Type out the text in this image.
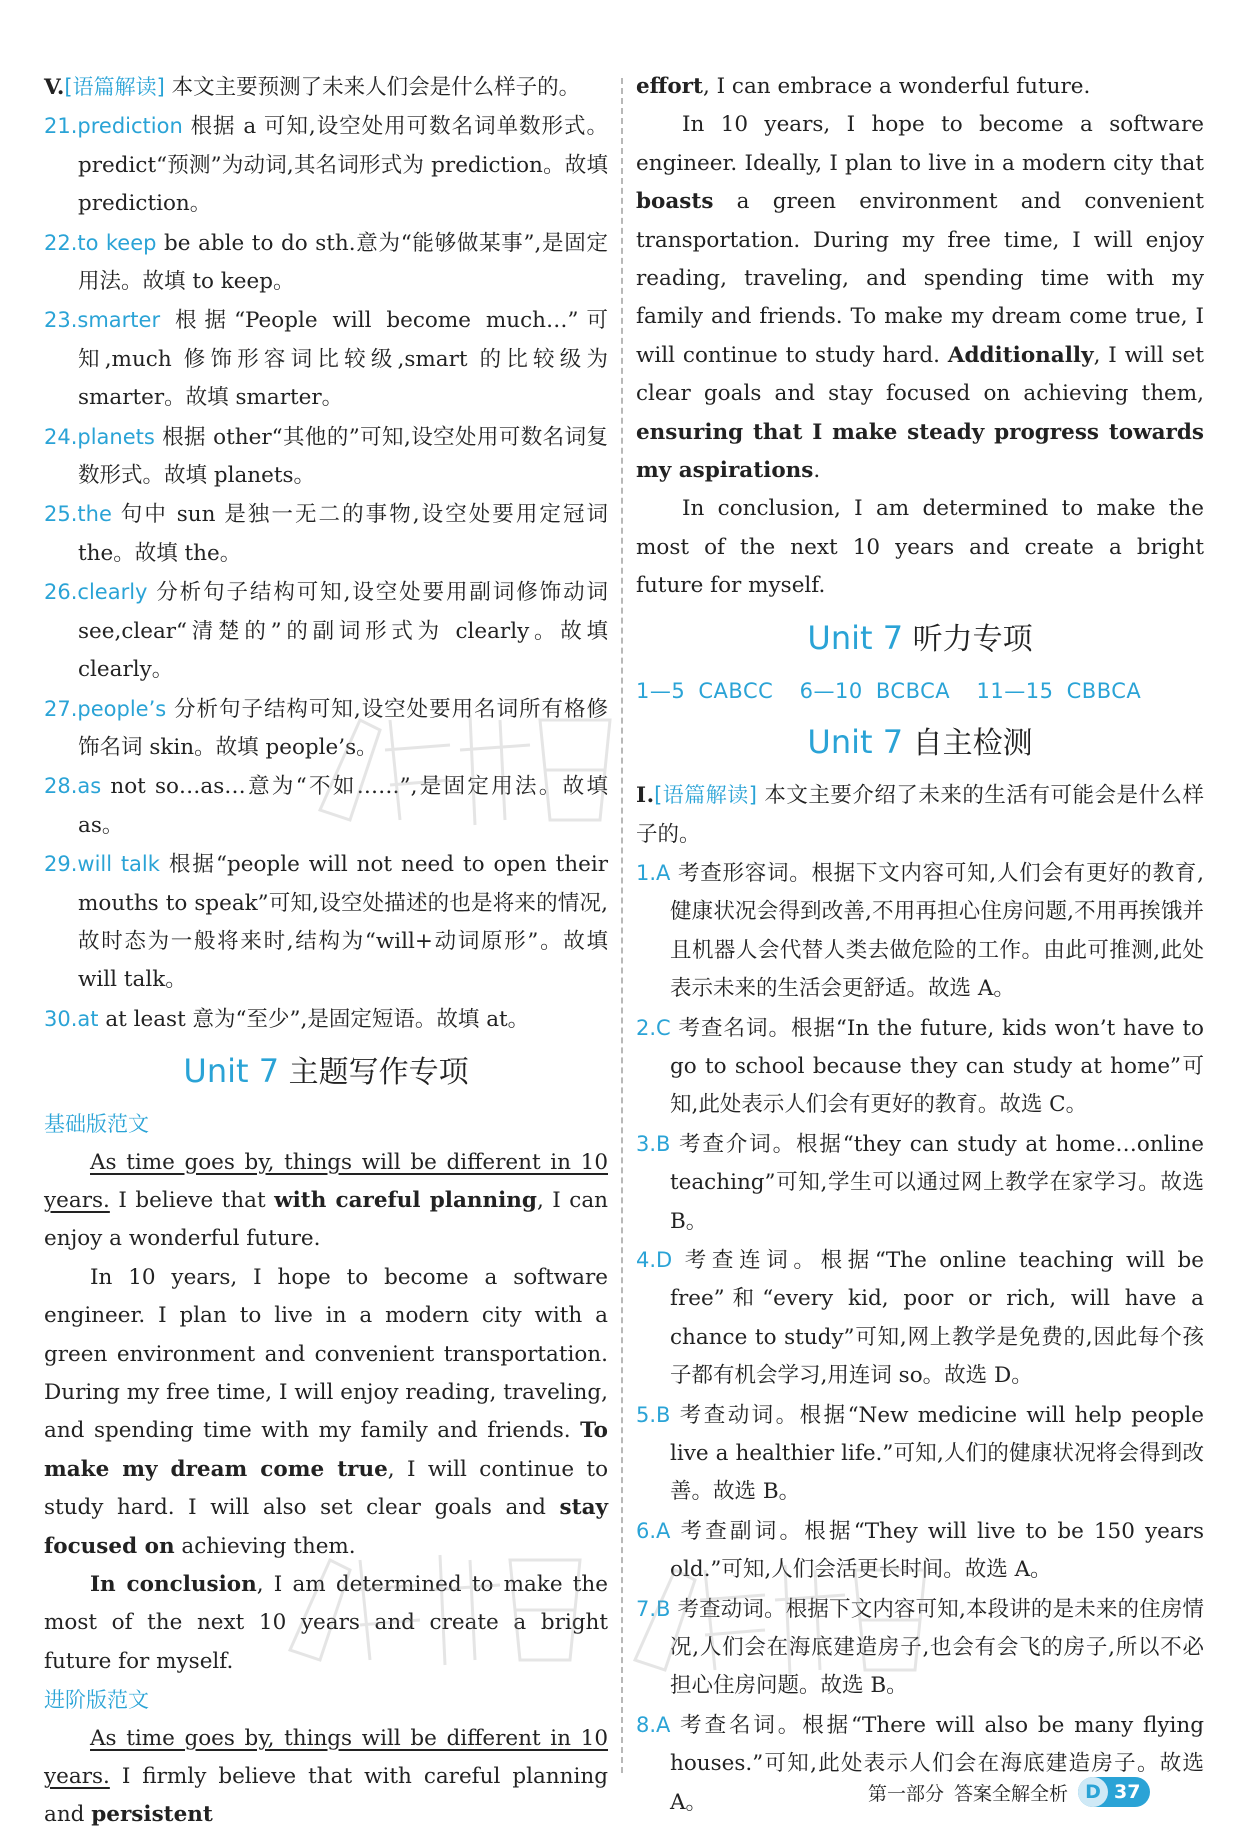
V.[语篇解读] 本文主要预测了未来人们会是什么样子的。

21.prediction 根据 a 可知,设空处用可数名词单数形式。predict“预测”为动词,其名词形式为 prediction。故填 prediction。

22.to keep be able to do sth.意为“能够做某事”,是固定用法。故填 to keep。

23.smarter 根据“People will become much…”可知,much 修饰形容词比较级,smart 的比较级为 smarter。故填 smarter。

24.planets 根据 other“其他的”可知,设空处用可数名词复数形式。故填 planets。

25.the 句中 sun 是独一无二的事物,设空处要用定冠词 the。故填 the。

26.clearly 分析句子结构可知,设空处要用副词修饰动词 see,clear“清楚的”的副词形式为 clearly。故填 clearly。

27.people’s 分析句子结构可知,设空处要用名词所有格修饰名词 skin。故填 people’s。

28.as not so…as…意为“不如……”,是固定用法。故填 as。

29.will talk 根据“people will not need to open their mouths to speak”可知,设空处描述的也是将来的情况,故时态为一般将来时,结构为“will+动词原形”。故填 will talk。

30.at at least 意为“至少”,是固定短语。故填 at。

Unit 7 主题写作专项

基础版范文

As time goes by, things will be different in 10 years. I believe that with careful planning, I can enjoy a wonderful future.

In 10 years, I hope to become a software engineer. I plan to live in a modern city with a green environment and convenient transportation. During my free time, I will enjoy reading, traveling, and spending time with my family and friends. To make my dream come true, I will continue to study hard. I will also set clear goals and stay focused on achieving them.

In conclusion, I am determined to make the most of the next 10 years and create a bright future for myself.

进阶版范文

As time goes by, things will be different in 10 years. I firmly believe that with careful planning and persistent

effort, I can embrace a wonderful future.

In 10 years, I hope to become a software engineer. Ideally, I plan to live in a modern city that boasts a green environment and convenient transportation. During my free time, I will enjoy reading, traveling, and spending time with my family and friends. To make my dream come true, I will continue to study hard. Additionally, I will set clear goals and stay focused on achieving them, ensuring that I make steady progress towards my aspirations.

In conclusion, I am determined to make the most of the next 10 years and create a bright future for myself.

Unit 7 听力专项

1—5 CABCC  6—10 BCBCA  11—15 CBBCA

Unit 7 自主检测

Ⅰ.[语篇解读] 本文主要介绍了未来的生活有可能会是什么样子的。

1.A 考查形容词。根据下文内容可知,人们会有更好的教育,健康状况会得到改善,不用再担心住房问题,不用再挨饿并且机器人会代替人类去做危险的工作。由此可推测,此处表示未来的生活会更舒适。故选 A。

2.C 考查名词。根据“In the future, kids won’t have to go to school because they can study at home”可知,此处表示人们会有更好的教育。故选 C。

3.B 考查介词。根据“they can study at home…online teaching”可知,学生可以通过网上教学在家学习。故选 B。

4.D 考查连词。根据“The online teaching will be free”和“every kid, poor or rich, will have a chance to study”可知,网上教学是免费的,因此每个孩子都有机会学习,用连词 so。故选 D。

5.B 考查动词。根据“New medicine will help people live a healthier life.”可知,人们的健康状况将会得到改善。故选 B。

6.A 考查副词。根据“They will live to be 150 years old.”可知,人们会活更长时间。故选 A。

7.B 考查动词。根据下文内容可知,本段讲的是未来的住房情况,人们会在海底建造房子,也会有会飞的房子,所以不必担心住房问题。故选 B。

8.A 考查名词。根据“There will also be many flying houses.”可知,此处表示人们会在海底建造房子。故选 A。	第一部分 答案全解全析 D 37
